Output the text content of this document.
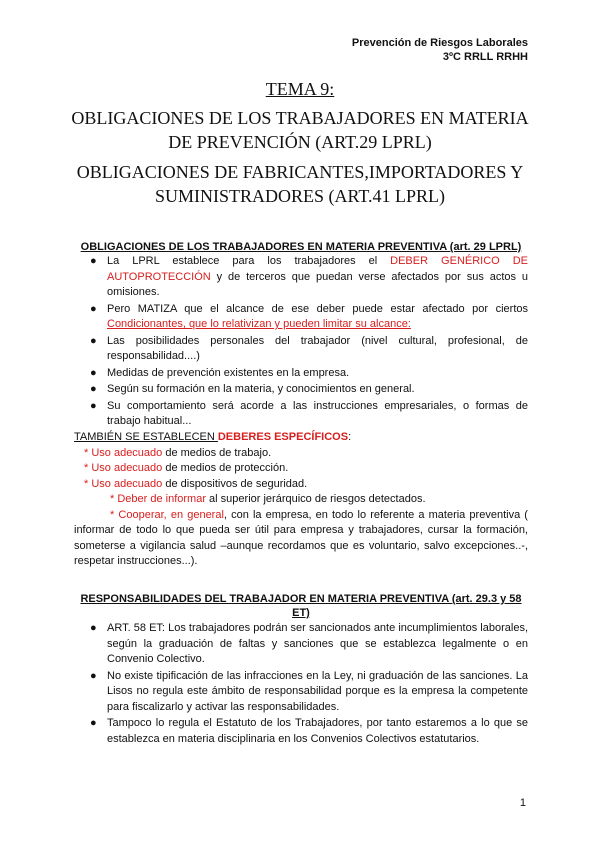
Prevención de Riesgos Laborales
3ºC RRLL RRHH
TEMA 9:
OBLIGACIONES DE LOS TRABAJADORES EN MATERIA DE PREVENCIÓN (ART.29 LPRL)
OBLIGACIONES DE FABRICANTES,IMPORTADORES Y SUMINISTRADORES (ART.41 LPRL)
OBLIGACIONES DE LOS TRABAJADORES EN MATERIA PREVENTIVA (art. 29 LPRL)
● La LPRL establece para los trabajadores el DEBER GENÉRICO DE AUTOPROTECCIÓN y de terceros que puedan verse afectados por sus actos u omisiones.
● Pero MATIZA que el alcance de ese deber puede estar afectado por ciertos Condicionantes, que lo relativizan y pueden limitar su alcance:
● Las posibilidades personales del trabajador (nivel cultural, profesional, de responsabilidad....)
● Medidas de prevención existentes en la empresa.
● Según su formación en la materia, y conocimientos en general.
● Su comportamiento será acorde a las instrucciones empresariales, o formas de trabajo habitual...
TAMBIÉN SE ESTABLECEN DEBERES ESPECÍFICOS:
* Uso adecuado de medios de trabajo.
* Uso adecuado de medios de protección.
* Uso adecuado de dispositivos de seguridad.
* Deber de informar al superior jerárquico de riesgos detectados.
* Cooperar, en general, con la empresa, en todo lo referente a materia preventiva ( informar de todo lo que pueda ser útil para empresa y trabajadores, cursar la formación, someterse a vigilancia salud –aunque recordamos que es voluntario, salvo excepciones..-, respetar instrucciones...).
RESPONSABILIDADES DEL TRABAJADOR EN MATERIA PREVENTIVA (art. 29.3 y 58 ET)
● ART. 58 ET: Los trabajadores podrán ser sancionados ante incumplimientos laborales, según la graduación de faltas y sanciones que se establezca legalmente o en Convenio Colectivo.
● No existe tipificación de las infracciones en la Ley, ni graduación de las sanciones. La Lisos no regula este ámbito de responsabilidad porque es la empresa la competente para fiscalizarlo y activar las responsabilidades.
● Tampoco lo regula el Estatuto de los Trabajadores, por tanto estaremos a lo que se establezca en materia disciplinaria en los Convenios Colectivos estatutarios.
1
